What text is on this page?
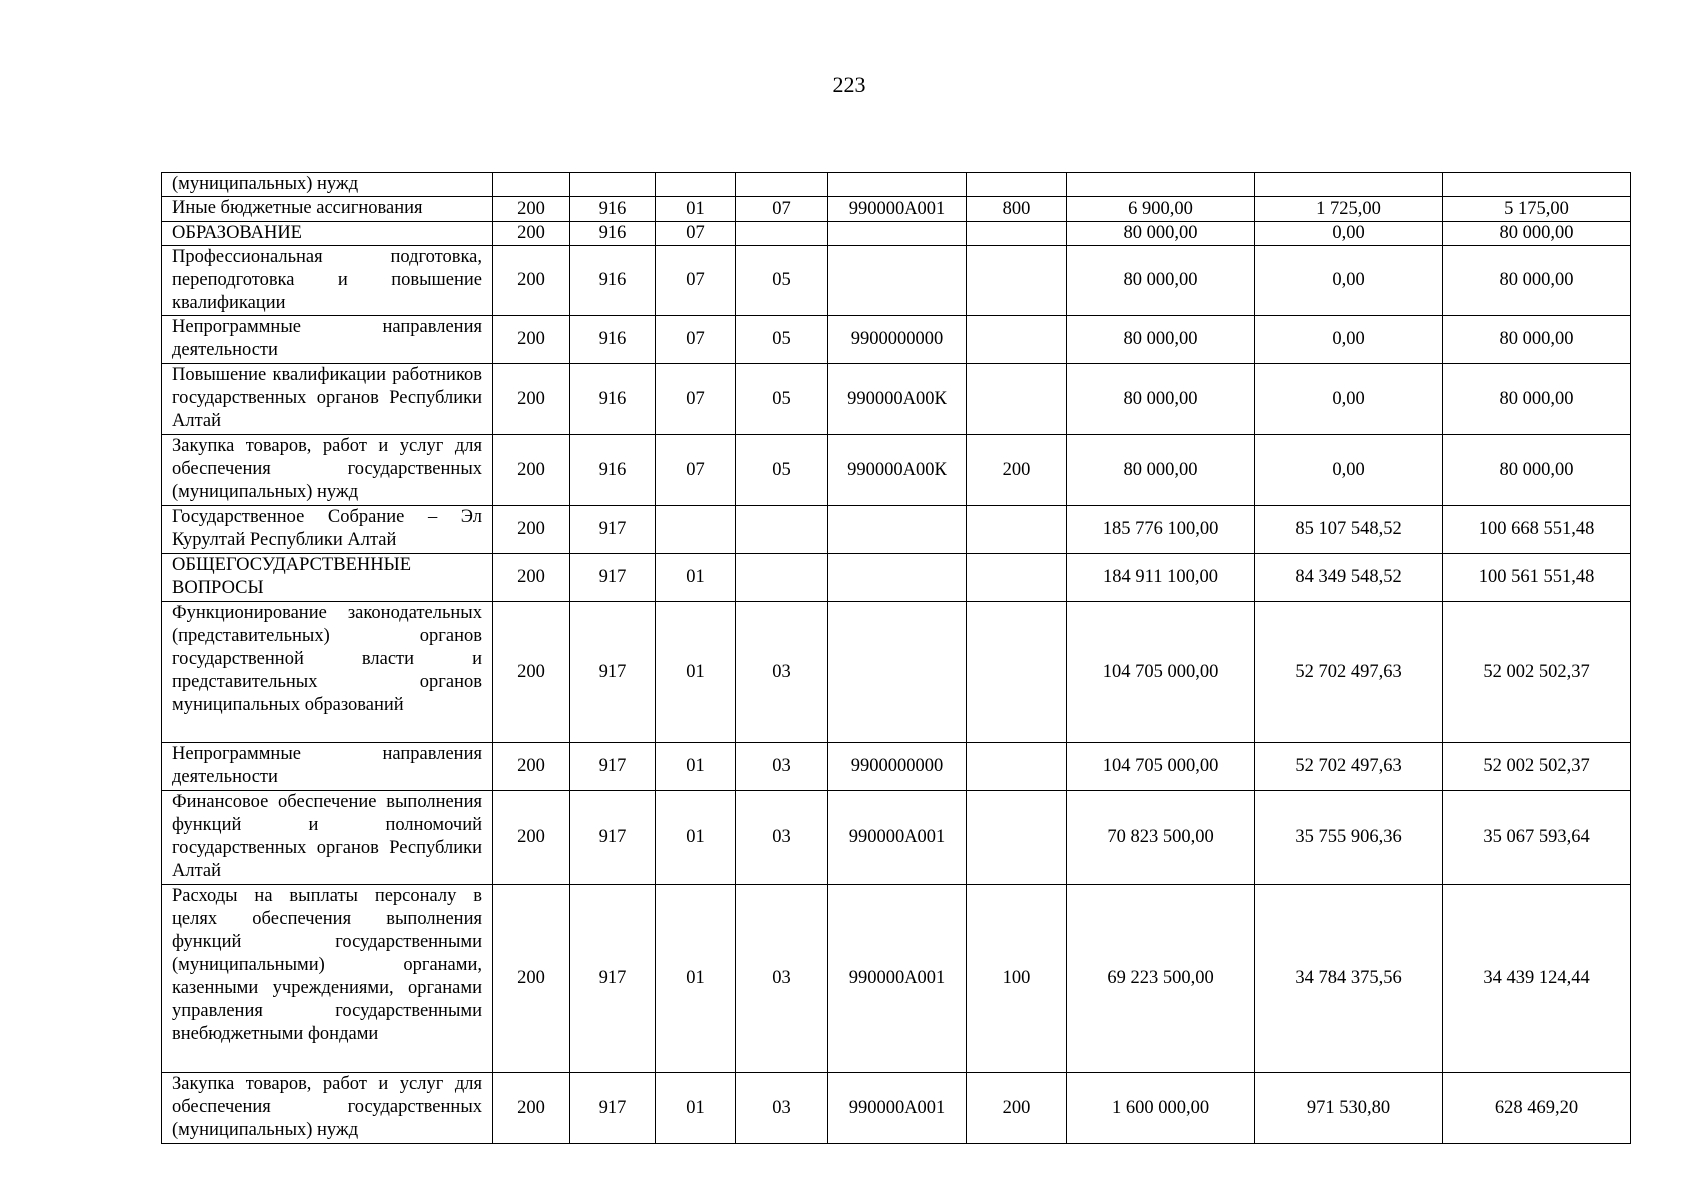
223
(муниципальных) нужд									
Иные бюджетные ассигнования	200	916	01	07	990000А001	800	6 900,00	1 725,00	5 175,00
ОБРАЗОВАНИЕ	200	916	07				80 000,00	0,00	80 000,00
Профессиональная подготовка, переподготовка и повышение квалификации	200	916	07	05			80 000,00	0,00	80 000,00
Непрограммные направления деятельности	200	916	07	05	9900000000		80 000,00	0,00	80 000,00
Повышение квалификации работников государственных органов Республики Алтай	200	916	07	05	990000А00К		80 000,00	0,00	80 000,00
Закупка товаров, работ и услуг для обеспечения государственных (муниципальных) нужд	200	916	07	05	990000А00К	200	80 000,00	0,00	80 000,00
Государственное Собрание – Эл Курултай Республики Алтай	200	917					185 776 100,00	85 107 548,52	100 668 551,48
ОБЩЕГОСУДАРСТВЕННЫЕ ВОПРОСЫ	200	917	01				184 911 100,00	84 349 548,52	100 561 551,48
Функционирование законодательных (представительных) органов государственной власти и представительных органов муниципальных образований	200	917	01	03			104 705 000,00	52 702 497,63	52 002 502,37
Непрограммные направления деятельности	200	917	01	03	9900000000		104 705 000,00	52 702 497,63	52 002 502,37
Финансовое обеспечение выполнения функций и полномочий государственных органов Республики Алтай	200	917	01	03	990000А001		70 823 500,00	35 755 906,36	35 067 593,64
Расходы на выплаты персоналу в целях обеспечения выполнения функций государственными (муниципальными) органами, казенными учреждениями, органами управления государственными внебюджетными фондами	200	917	01	03	990000А001	100	69 223 500,00	34 784 375,56	34 439 124,44
Закупка товаров, работ и услуг для обеспечения государственных (муниципальных) нужд	200	917	01	03	990000А001	200	1 600 000,00	971 530,80	628 469,20
